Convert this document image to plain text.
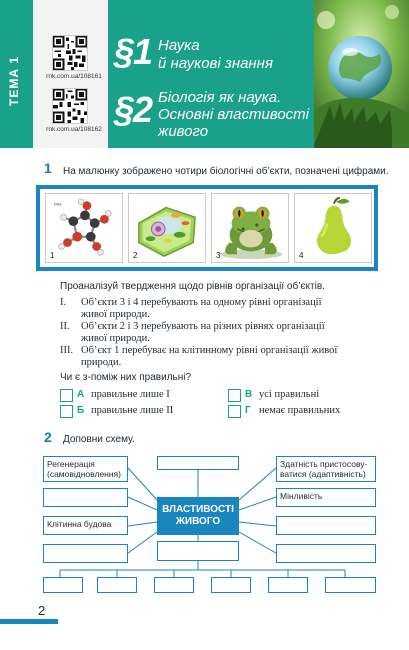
ТЕМА 1	rnk.com.ua/108161
rnk.com.ua/108162
§1 Наука
й наукові знання
§2 Біологія як наука.
Основні властивості
живого
1 На малюнку зображено чотири біологічні об’єкти, позначені цифрами.
ᴅʀᴀ
1	2	3	4
Проаналізуй твердження щодо рівнів організації об’єктів.
I. Об’єкти 3 і 4 перебувають на одному рівні організації
живої природи.
II. Об’єкти 2 і 3 перебувають на різних рівнях організації
живої природи.
III. Об’єкт 1 перебуває на клітинному рівні організації живої
природи.
Чи є з-поміж них правильні?
А правильне лише I
Б правильне лише II
В усі правильні
Г немає правильних
2 Доповни схему.
Регенерація
(самовідновлення)
Клітинна будова
ВЛАСТИВОСТІ
ЖИВОГО
Здатність пристосову-
ватися (адаптивність)
Мінливість
2
